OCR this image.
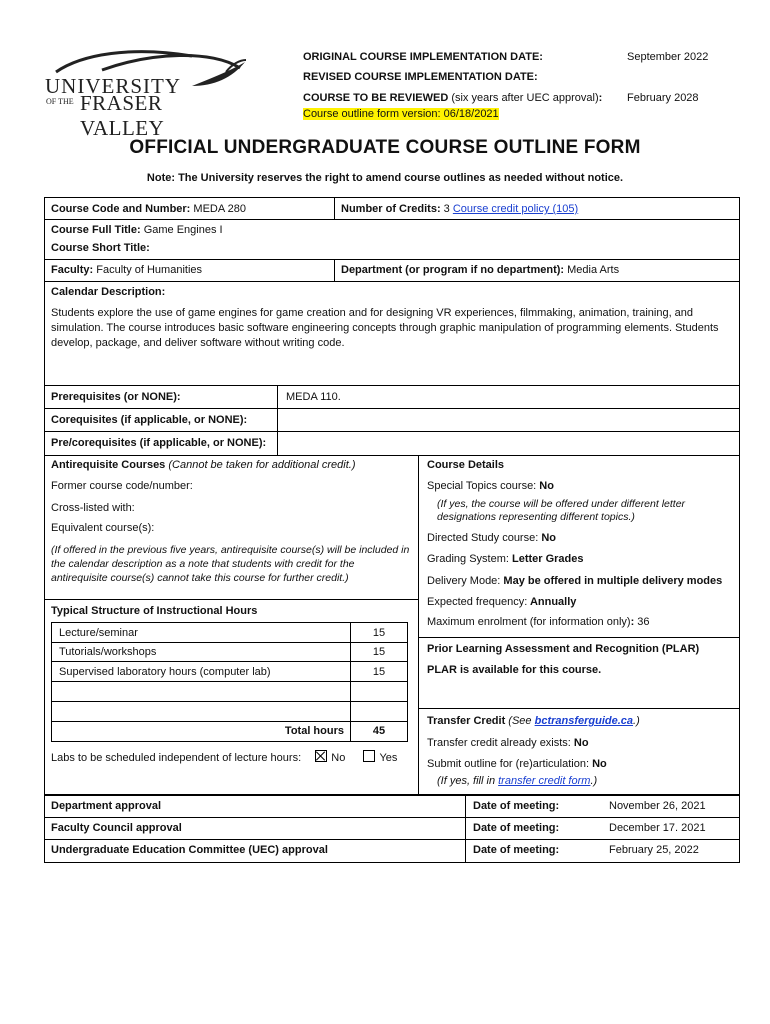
UNIVERSITY
OF THE FRASER VALLEY
ORIGINAL COURSE IMPLEMENTATION DATE:	September 2022
REVISED COURSE IMPLEMENTATION DATE:
COURSE TO BE REVIEWED (six years after UEC approval): February 2028
Course outline form version: 06/18/2021
OFFICIAL UNDERGRADUATE COURSE OUTLINE FORM
Note: The University reserves the right to amend course outlines as needed without notice.
Course Code and Number: MEDA 280	Number of Credits: 3 Course credit policy (105)
Course Full Title: Game Engines I
Course Short Title:
Faculty: Faculty of Humanities	Department (or program if no department): Media Arts
Calendar Description:
Students explore the use of game engines for game creation and for designing VR experiences, filmmaking, animation, training, and simulation. The course introduces basic software engineering concepts through graphic manipulation of programming elements. Students develop, package, and deliver software without writing code.
Prerequisites (or NONE):	MEDA 110.
Corequisites (if applicable, or NONE):
Pre/corequisites (if applicable, or NONE):
Antirequisite Courses (Cannot be taken for additional credit.)
Former course code/number:
Cross-listed with:
Equivalent course(s):
(If offered in the previous five years, antirequisite course(s) will be included in the calendar description as a note that students with credit for the antirequisite course(s) cannot take this course for further credit.)
Typical Structure of Instructional Hours
Lecture/seminar	15
Tutorials/workshops	15
Supervised laboratory hours (computer lab)	15
Total hours	45
Labs to be scheduled independent of lecture hours:	No	Yes
Course Details
Special Topics course: No
(If yes, the course will be offered under different letter designations representing different topics.)
Directed Study course: No
Grading System: Letter Grades
Delivery Mode: May be offered in multiple delivery modes
Expected frequency: Annually
Maximum enrolment (for information only): 36
Prior Learning Assessment and Recognition (PLAR)
PLAR is available for this course.
Transfer Credit (See bctransferguide.ca.)
Transfer credit already exists: No
Submit outline for (re)articulation: No
(If yes, fill in transfer credit form.)
Department approval	Date of meeting:	November 26, 2021
Faculty Council approval	Date of meeting:	December 17. 2021
Undergraduate Education Committee (UEC) approval	Date of meeting:	February 25, 2022
